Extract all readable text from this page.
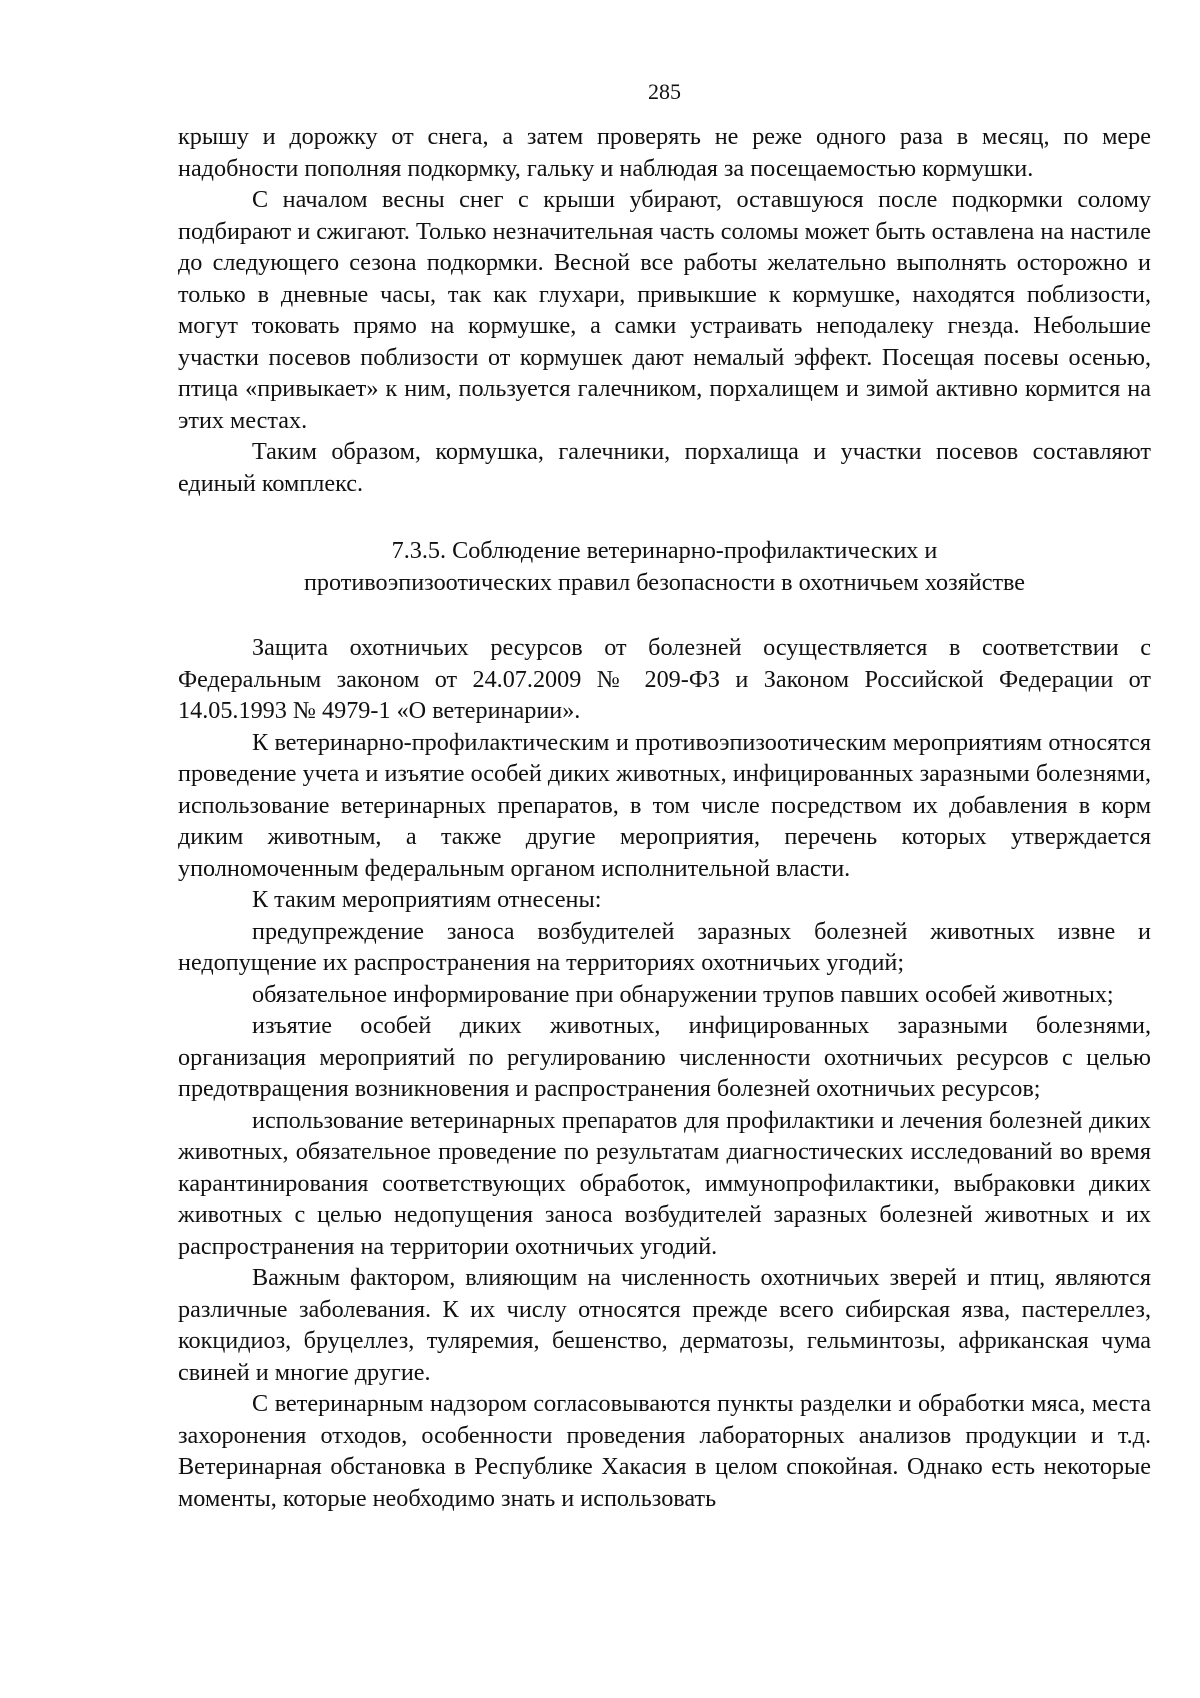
285

крышу и дорожку от снега, а затем проверять не реже одного раза в месяц, по мере надобности пополняя подкормку, гальку и наблюдая за посещаемостью кормушки.

С началом весны снег с крыши убирают, оставшуюся после подкормки солому подбирают и сжигают. Только незначительная часть соломы может быть оставлена на настиле до следующего сезона подкормки. Весной все работы желательно выполнять осторожно и только в дневные часы, так как глухари, привыкшие к кормушке, находятся поблизости, могут токовать прямо на кормушке, а самки устраивать неподалеку гнезда. Небольшие участки посевов поблизости от кормушек дают немалый эффект. Посещая посевы осенью, птица «привыкает» к ним, пользуется галечником, порхалищем и зимой активно кормится на этих местах.

Таким образом, кормушка, галечники, порхалища и участки посевов составляют единый комплекс.

7.3.5. Соблюдение ветеринарно-профилактических и
противоэпизоотических правил безопасности в охотничьем хозяйстве

Защита охотничьих ресурсов от болезней осуществляется в соответствии с Федеральным законом от 24.07.2009 № 209-ФЗ и Законом Российской Федерации от 14.05.1993 № 4979-1 «О ветеринарии».

К ветеринарно-профилактическим и противоэпизоотическим мероприятиям относятся проведение учета и изъятие особей диких животных, инфицированных заразными болезнями, использование ветеринарных препаратов, в том числе посредством их добавления в корм диким животным, а также другие мероприятия, перечень которых утверждается уполномоченным федеральным органом исполнительной власти.

К таким мероприятиям отнесены:

предупреждение заноса возбудителей заразных болезней животных извне и недопущение их распространения на территориях охотничьих угодий;

обязательное информирование при обнаружении трупов павших особей животных;

изъятие особей диких животных, инфицированных заразными болезнями, организация мероприятий по регулированию численности охотничьих ресурсов с целью предотвращения возникновения и распространения болезней охотничьих ресурсов;

использование ветеринарных препаратов для профилактики и лечения болезней диких животных, обязательное проведение по результатам диагностических исследований во время карантинирования соответствующих обработок, иммунопрофилактики, выбраковки диких животных с целью недопущения заноса возбудителей заразных болезней животных и их распространения на территории охотничьих угодий.

Важным фактором, влияющим на численность охотничьих зверей и птиц, являются различные заболевания. К их числу относятся прежде всего сибирская язва, пастереллез, кокцидиоз, бруцеллез, туляремия, бешенство, дерматозы, гельминтозы, африканская чума свиней и многие другие.

С ветеринарным надзором согласовываются пункты разделки и обработки мяса, места захоронения отходов, особенности проведения лабораторных анализов продукции и т.д. Ветеринарная обстановка в Республике Хакасия в целом спокойная. Однако есть некоторые моменты, которые необходимо знать и использовать
